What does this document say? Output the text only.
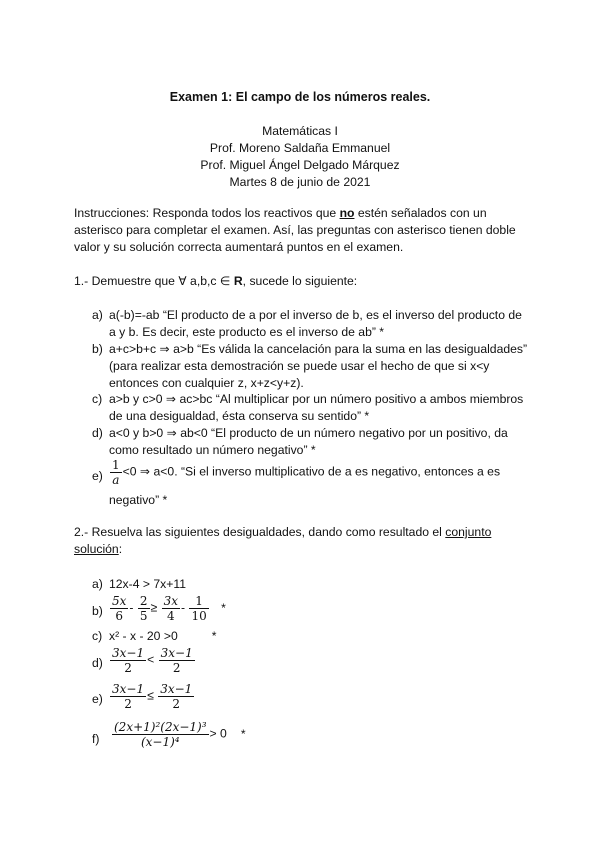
Examen 1: El campo de los números reales.
Matemáticas I
Prof. Moreno Saldaña Emmanuel
Prof. Miguel Ángel Delgado Márquez
Martes 8 de junio de 2021
Instrucciones: Responda todos los reactivos que no estén señalados con un asterisco para completar el examen. Así, las preguntas con asterisco tienen doble valor y su solución correcta aumentará puntos en el examen.
1.- Demuestre que ∀ a,b,c ∈ R, sucede lo siguiente:
a) a(-b)=-ab “El producto de a por el inverso de b, es el inverso del producto de a y b. Es decir, este producto es el inverso de ab” *
b) a+c>b+c ⇒ a>b “Es válida la cancelación para la suma en las desigualdades” (para realizar esta demostración se puede usar el hecho de que si x<y entonces con cualquier z, x+z<y+z).
c) a>b y c>0 ⇒ ac>bc “Al multiplicar por un número positivo a ambos miembros de una desigualdad, ésta conserva su sentido” *
d) a<0 y b>0 ⇒ ab<0 “El producto de un número negativo por un positivo, da como resultado un número negativo” *
$e) \frac{1}{a} <0$ ⇒ a<0. “Si el inverso multiplicativo de a es negativo, entonces a es
negativo” *
2.- Resuelva las siguientes desigualdades, dando como resultado el conjunto
solución:
a) 12x-4 > 7x+11
$b) \frac{5x}{6} - \frac{2}{5} \ge \frac{3x}{4} - \frac{1}{10}$ *
c) x² - x - 20 >0	*
$d) \frac{3x-1}{2} < \frac{3x-1}{2}$
$e) \frac{3x-1}{2} \le \frac{3x-1}{2}$
$f) \frac{\text{(2x+1)²(2x−1)³}}{\text{(x−1)⁴}} > 0$ *
